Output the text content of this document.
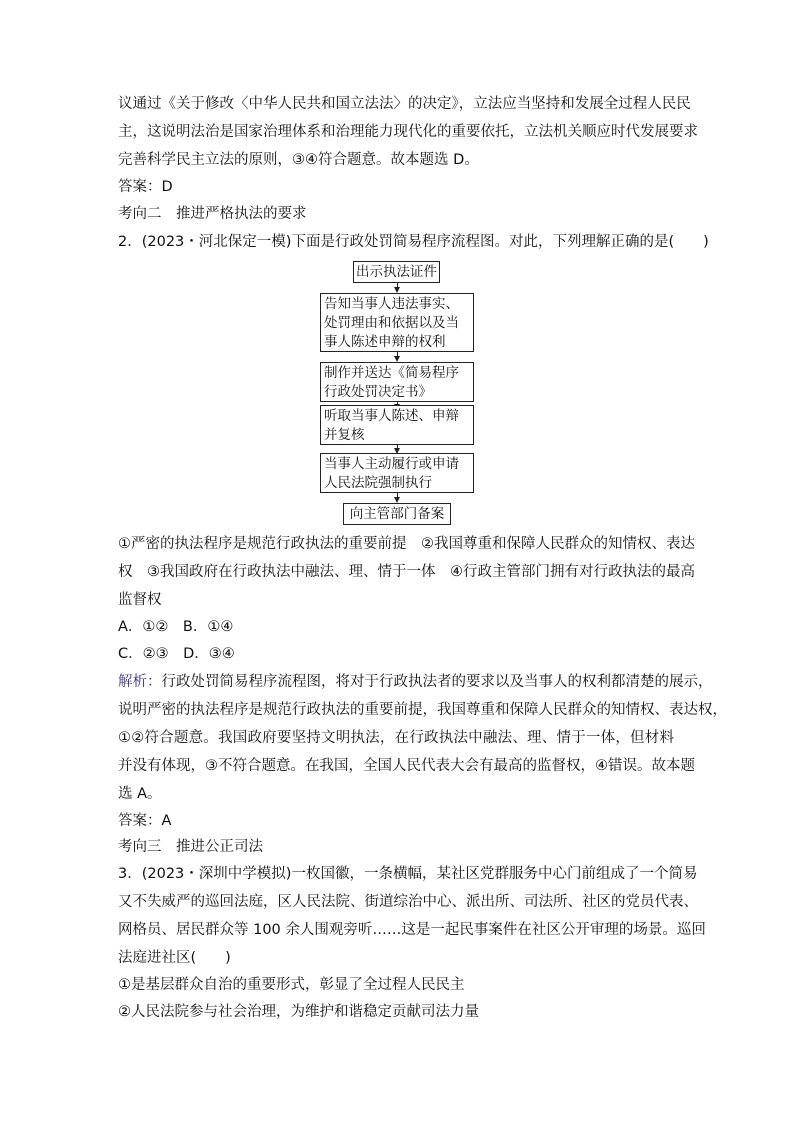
议通过《关于修改〈中华人民共和国立法法〉的决定》，立法应当坚持和发展全过程人民民
主，这说明法治是国家治理体系和治理能力现代化的重要依托，立法机关顺应时代发展要求
完善科学民主立法的原则，③④符合题意。故本题选 D。
答案：D
考向二　推进严格执法的要求
2．(2023・河北保定一模)下面是行政处罚简易程序流程图。对此，下列理解正确的是(　　)
出示执法证件
告知当事人违法事实、处罚理由和依据以及当事人陈述申辩的权利
制作并送达《简易程序行政处罚决定书》
听取当事人陈述、申辩并复核
当事人主动履行或申请人民法院强制执行
向主管部门备案
①严密的执法程序是规范行政执法的重要前提　②我国尊重和保障人民群众的知情权、表达
权　③我国政府在行政执法中融法、理、情于一体　④行政主管部门拥有对行政执法的最高
监督权
A．①②　B．①④
C．②③　D．③④
解析： 行政处罚简易程序流程图，将对于行政执法者的要求以及当事人的权利都清楚的展示，
说明严密的执法程序是规范行政执法的重要前提，我国尊重和保障人民群众的知情权、表达权，
①②符合题意。我国政府要坚持文明执法，在行政执法中融法、理、情于一体，但材料
并没有体现，③不符合题意。在我国，全国人民代表大会有最高的监督权，④错误。故本题
选 A。
答案：A
考向三　推进公正司法
3．(2023・深圳中学模拟)一枚国徽，一条横幅，某社区党群服务中心门前组成了一个简易
又不失威严的巡回法庭，区人民法院、街道综治中心、派出所、司法所、社区的党员代表、
网格员、居民群众等 100 余人围观旁听……这是一起民事案件在社区公开审理的场景。巡回
法庭进社区(　　)
①是基层群众自治的重要形式，彰显了全过程人民民主
②人民法院参与社会治理，为维护和谐稳定贡献司法力量
